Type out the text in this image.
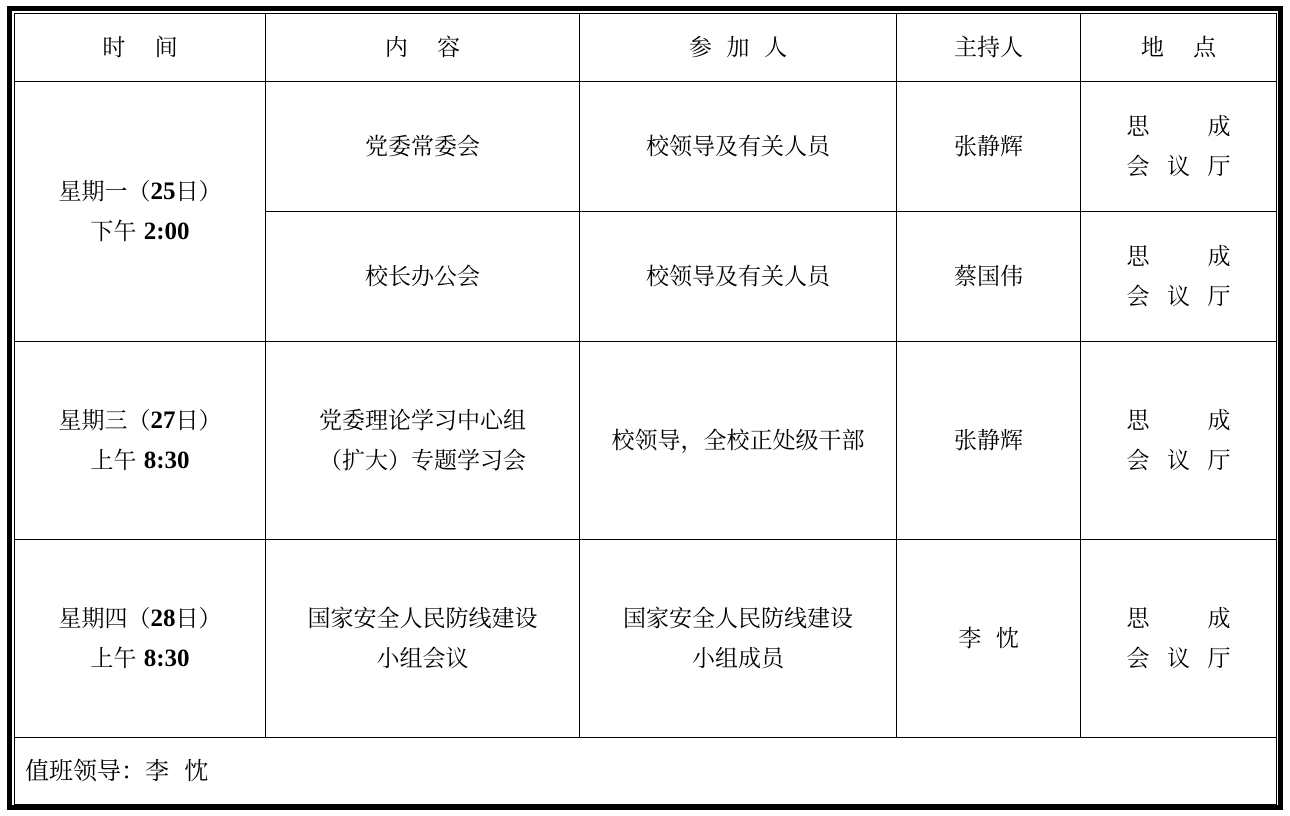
时    间	内    容	参  加  人	主持人	地    点

星期一（25日）
下午 2:00	党委常委会	校领导及有关人员	张静辉	思 成
会 议 厅

	校长办公会	校领导及有关人员	蔡国伟	思 成
会 议 厅

星期三（27日）
上午 8:30	党委理论学习中心组
（扩大）专题学习会	校领导，全校正处级干部	张静辉	思 成
会 议 厅

星期四（28日）
上午 8:30	国家安全人民防线建设
小组会议	国家安全人民防线建设
小组成员	李  忱	思 成
会 议 厅

值班领导：李  忱				
